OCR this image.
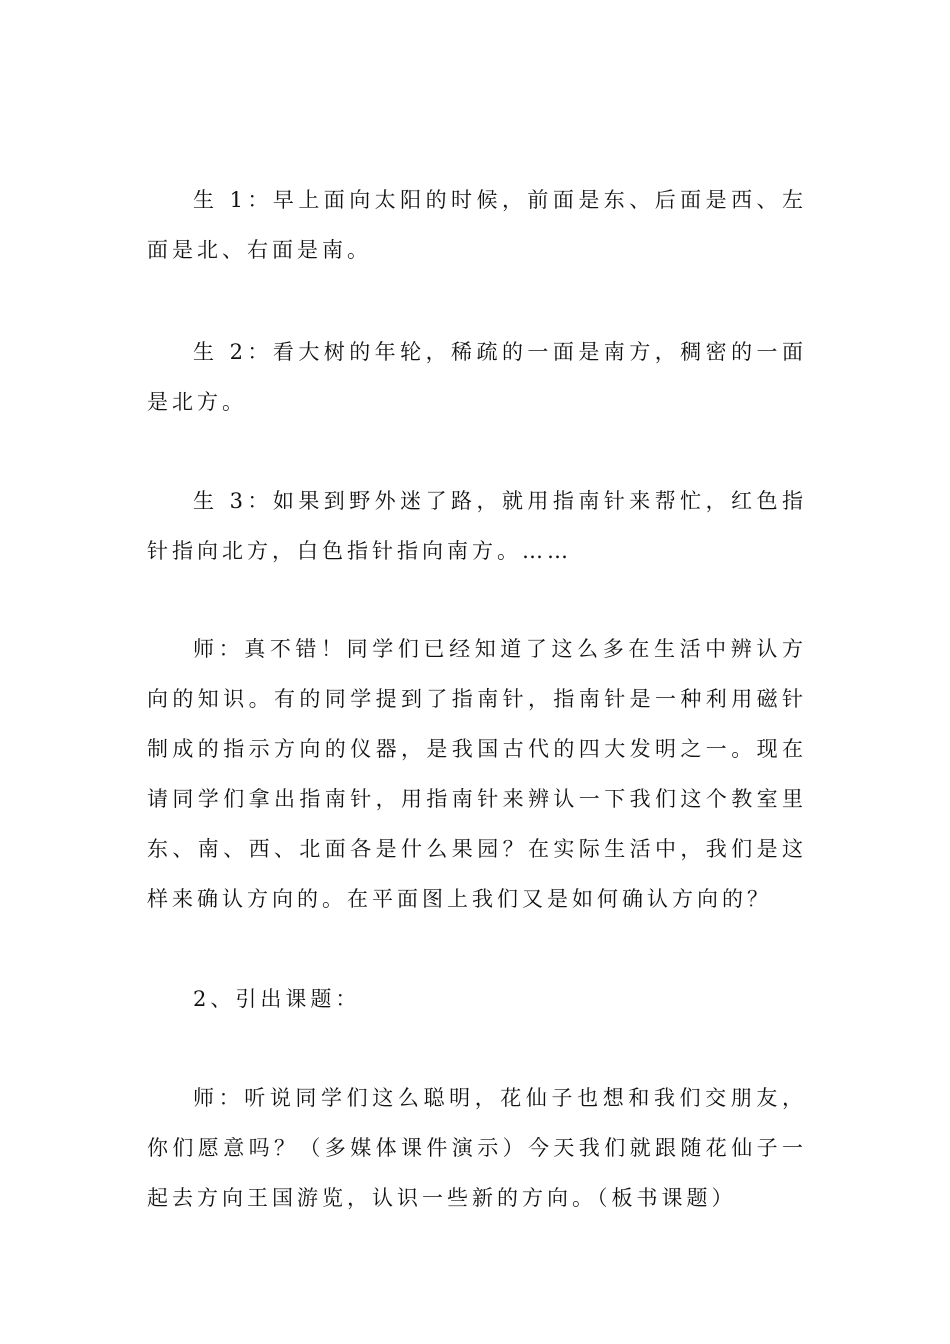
生 1：早上面向太阳的时候，前面是东、后面是西、左面是北、右面是南。

生 2：看大树的年轮，稀疏的一面是南方，稠密的一面是北方。

生 3：如果到野外迷了路，就用指南针来帮忙，红色指针指向北方，白色指针指向南方。……

师：真不错！同学们已经知道了这么多在生活中辨认方向的知识。有的同学提到了指南针，指南针是一种利用磁针制成的指示方向的仪器，是我国古代的四大发明之一。现在请同学们拿出指南针，用指南针来辨认一下我们这个教室里东、南、西、北面各是什么果园？在实际生活中，我们是这样来确认方向的。在平面图上我们又是如何确认方向的？

2、引出课题：

师：听说同学们这么聪明，花仙子也想和我们交朋友，你们愿意吗？（多媒体课件演示）今天我们就跟随花仙子一起去方向王国游览，认识一些新的方向。（板书课题）
